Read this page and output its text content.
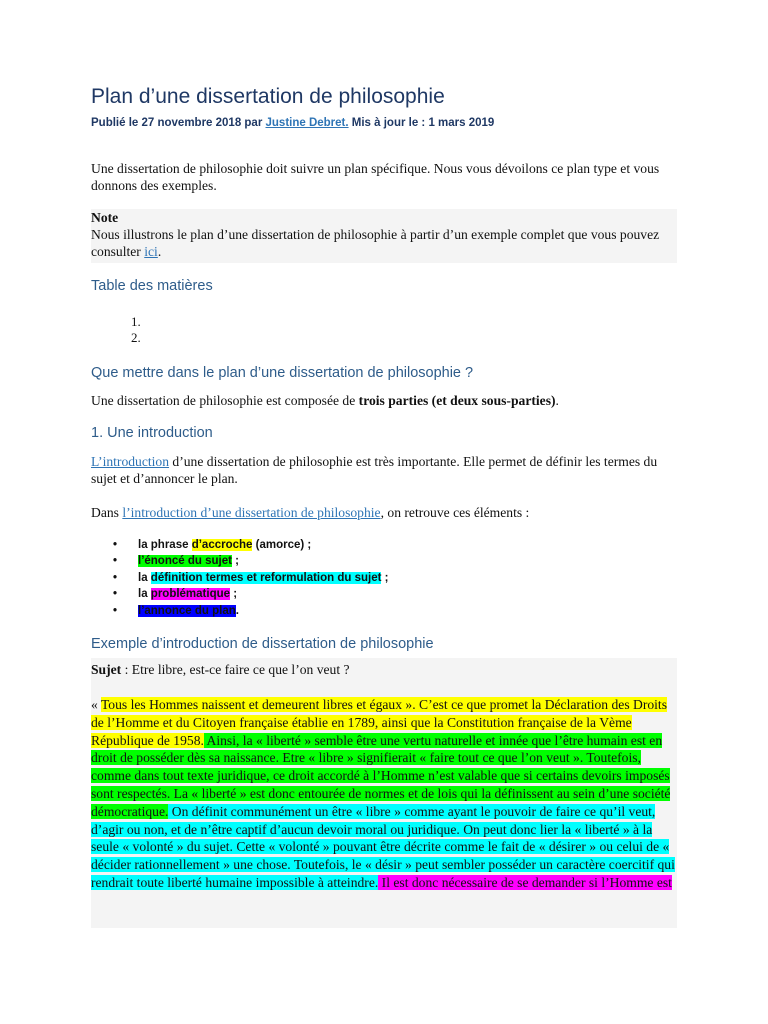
Plan d’une dissertation de philosophie

Publié le 27 novembre 2018 par Justine Debret. Mis à jour le : 1 mars 2019

Une dissertation de philosophie doit suivre un plan spécifique. Nous vous dévoilons ce plan type et vous donnons des exemples.

Note
Nous illustrons le plan d’une dissertation de philosophie à partir d’un exemple complet que vous pouvez consulter ici.
Table des matières
1.
2.
Que mettre dans le plan d’une dissertation de philosophie ?

Une dissertation de philosophie est composée de trois parties (et deux sous-parties).

1. Une introduction

L’introduction d’une dissertation de philosophie est très importante. Elle permet de définir les termes du sujet et d’annoncer le plan.

Dans l’introduction d’une dissertation de philosophie, on retrouve ces éléments :

• la phrase d’accroche (amorce) ;
• l’énoncé du sujet ;
• la définition termes et reformulation du sujet ;
• la problématique ;
• l’annonce du plan.
Exemple d’introduction de dissertation de philosophie
Sujet : Etre libre, est-ce faire ce que l’on veut ?

« Tous les Hommes naissent et demeurent libres et égaux ». C’est ce que promet la Déclaration des Droits de l’Homme et du Citoyen française établie en 1789, ainsi que la Constitution française de la Vème République de 1958. Ainsi, la « liberté » semble être une vertu naturelle et innée que l’être humain est en droit de posséder dès sa naissance. Etre « libre » signifierait « faire tout ce que l’on veut ». Toutefois, comme dans tout texte juridique, ce droit accordé à l’Homme n’est valable que si certains devoirs imposés sont respectés. La « liberté » est donc entourée de normes et de lois qui la définissent au sein d’une société démocratique. On définit communément un être « libre » comme ayant le pouvoir de faire ce qu’il veut, d’agir ou non, et de n’être captif d’aucun devoir moral ou juridique. On peut donc lier la « liberté » à la seule « volonté » du sujet. Cette « volonté » pouvant être décrite comme le fait de « désirer » ou celui de « décider rationnellement » une chose. Toutefois, le « désir » peut sembler posséder un caractère coercitif qui rendrait toute liberté humaine impossible à atteindre. Il est donc nécessaire de se demander si l’Homme est
